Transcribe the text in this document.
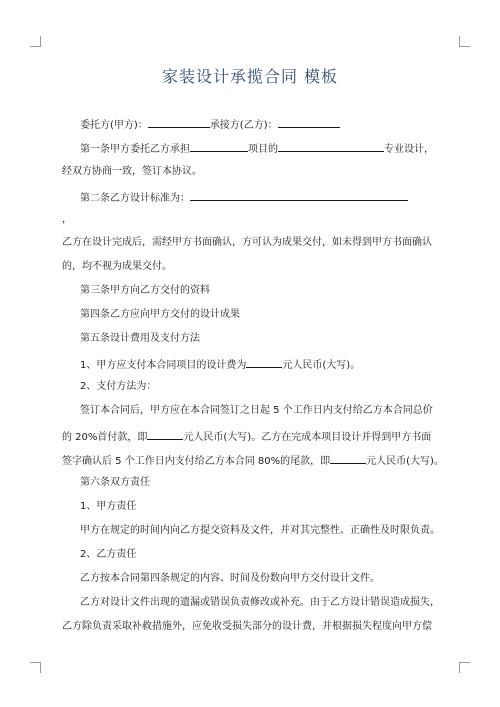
家装设计承揽合同 模板
委托方(甲方)：	承接方(乙方)：
第一条甲方委托乙方承担	项目的	专业设计，
经双方协商一致，签订本协议。
第二条乙方设计标准为：
，
乙方在设计完成后，需经甲方书面确认，方可认为成果交付，如未得到甲方书面确认
的，均不视为成果交付。
第三条甲方向乙方交付的资料
第四条乙方应向甲方交付的设计成果
第五条设计费用及支付方法
1、甲方应支付本合同项目的设计费为	元人民币(大写)。
2、支付方法为：
签订本合同后，甲方应在本合同签订之日起 5 个工作日内支付给乙方本合同总价
的 20%首付款，即	元人民币(大写)。乙方在完成本项目设计并得到甲方书面
签字确认后 5 个工作日内支付给乙方本合同 80%的尾款，即	元人民币(大写)。
第六条双方责任
1、甲方责任
甲方在规定的时间内向乙方提交资料及文件，并对其完整性、正确性及时限负责。
2、乙方责任
乙方按本合同第四条规定的内容、时间及份数向甲方交付设计文件。
乙方对设计文件出现的遗漏或错误负责修改或补充。由于乙方设计错误造成损失，
乙方除负责采取补救措施外，应免收受损失部分的设计费，并根据损失程度向甲方偿
